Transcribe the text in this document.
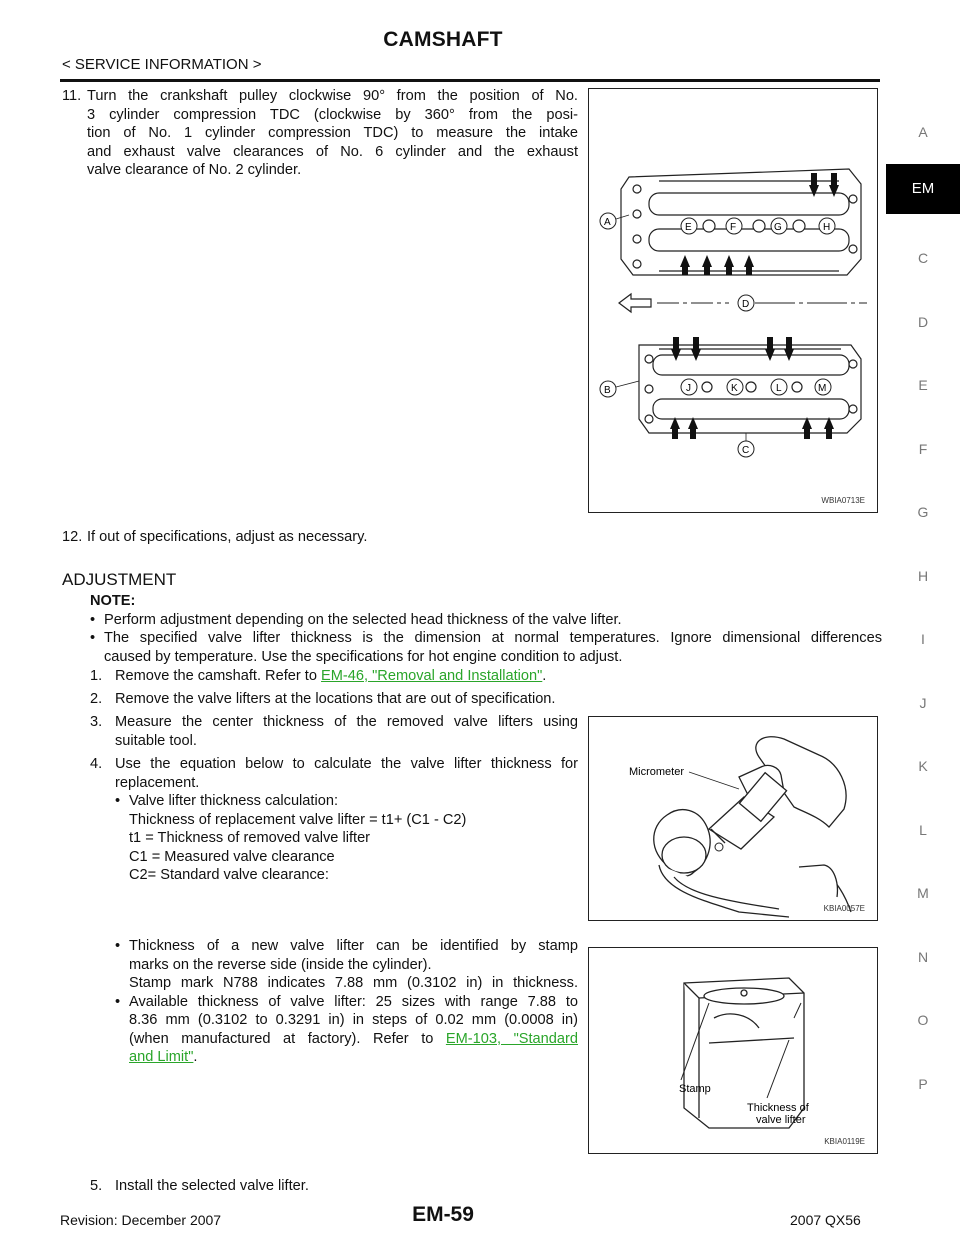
CAMSHAFT
< SERVICE INFORMATION >
A
EM
C
D
E
F
G
H
I
J
K
L
M
N
O
P
11. Turn the crankshaft pulley clockwise 90° from the position of No.
3 cylinder compression TDC (clockwise by 360° from the posi-
tion of No. 1 cylinder compression TDC) to measure the intake
and exhaust valve clearances of No. 6 cylinder and the exhaust
valve clearance of No. 2 cylinder.
E	F	G	H
A
D
J	K	L	M
B
C
WBIA0713E
12. If out of specifications, adjust as necessary.
ADJUSTMENT
NOTE:
• Perform adjustment depending on the selected head thickness of the valve lifter.
• The specified valve lifter thickness is the dimension at normal temperatures. Ignore dimensional differences
caused by temperature. Use the specifications for hot engine condition to adjust.
1. Remove the camshaft. Refer to EM-46, "Removal and Installation".
2. Remove the valve lifters at the locations that are out of specification.
3. Measure the center thickness of the removed valve lifters using
suitable tool.
4. Use the equation below to calculate the valve lifter thickness for
replacement.
• Valve lifter thickness calculation:
Thickness of replacement valve lifter = t1+ (C1 - C2)
t1 = Thickness of removed valve lifter
C1 = Measured valve clearance
C2= Standard valve clearance:
Micrometer
KBIA0057E
• Thickness of a new valve lifter can be identified by stamp
marks on the reverse side (inside the cylinder).
Stamp mark N788 indicates 7.88 mm (0.3102 in) in thickness.
• Available thickness of valve lifter: 25 sizes with range 7.88 to
8.36 mm (0.3102 to 0.3291 in) in steps of 0.02 mm (0.0008 in)
(when manufactured at factory). Refer to EM-103, "Standard
and Limit".
Stamp
Thickness of
valve lifter
KBIA0119E
5. Install the selected valve lifter.
EM-59
Revision: December 2007	2007 QX56
